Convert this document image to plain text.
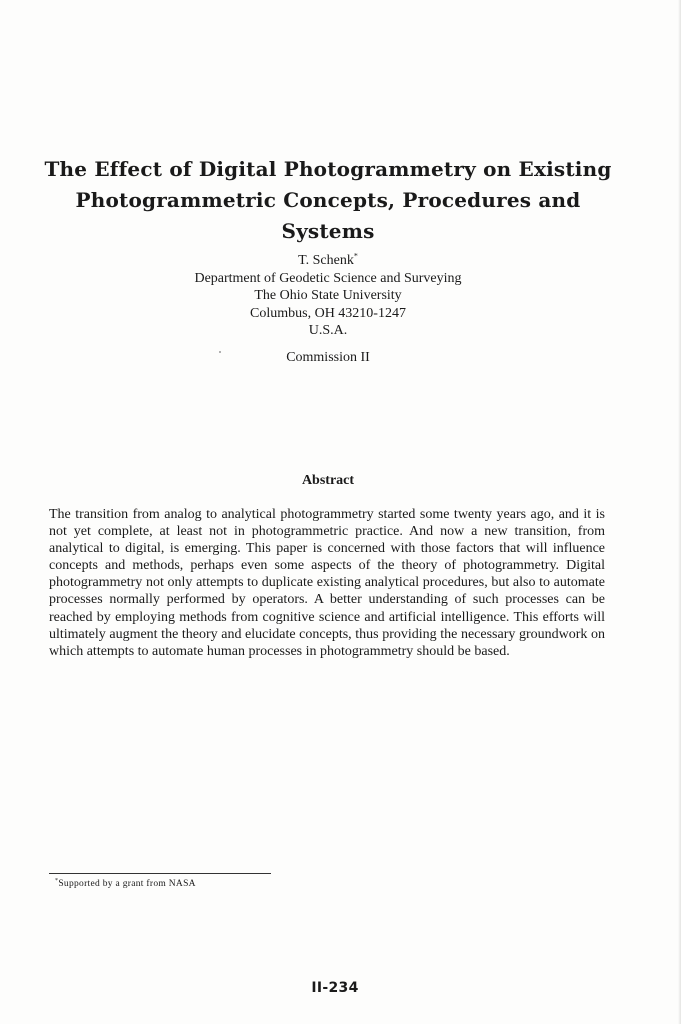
The Effect of Digital Photogrammetry on Existing
Photogrammetric Concepts, Procedures and
Systems
T. Schenk*
Department of Geodetic Science and Surveying
The Ohio State University
Columbus, OH 43210-1247
U.S.A.
Commission II
Abstract
The transition from analog to analytical photogrammetry started some twenty years ago, and it is not yet complete, at least not in photogrammetric practice. And now a new transition, from analytical to digital, is emerging. This paper is concerned with those factors that will influence concepts and methods, perhaps even some aspects of the theory of photogrammetry. Digital photogrammetry not only attempts to duplicate existing analytical procedures, but also to automate processes normally performed by operators. A better understanding of such processes can be reached by employing methods from cognitive science and artificial intelligence. This efforts will ultimately augment the theory and elucidate concepts, thus providing the necessary groundwork on which attempts to automate human processes in photogrammetry should be based.
*Supported by a grant from NASA
II-234
